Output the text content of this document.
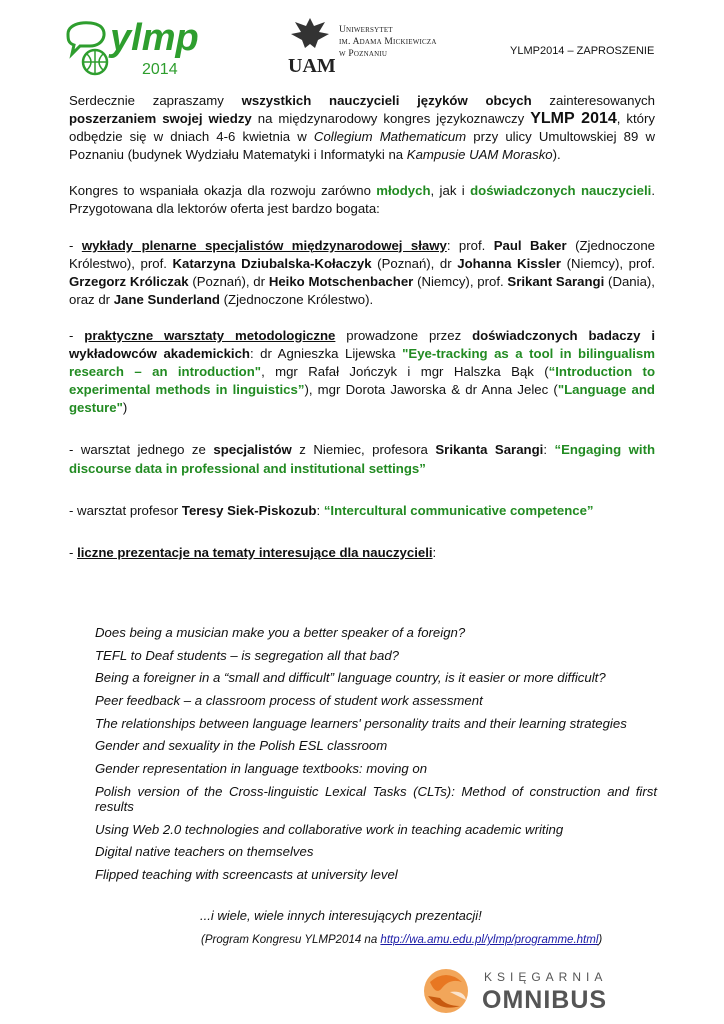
ylmp
2014	UAM
Uniwersytet
im. Adama Mickiewicza
w Poznaniu	YLMP2014 – ZAPROSZENIE

Serdecznie zapraszamy wszystkich nauczycieli języków obcych zainteresowanych poszerzaniem swojej wiedzy na międzynarodowy kongres językoznawczy YLMP 2014, który odbędzie się w dniach 4-6 kwietnia w Collegium Mathematicum przy ulicy Umultowskiej 89 w Poznaniu (budynek Wydziału Matematyki i Informatyki na Kampusie UAM Morasko).

Kongres to wspaniała okazja dla rozwoju zarówno młodych, jak i doświadczonych nauczycieli. Przygotowana dla lektorów oferta jest bardzo bogata:

- wykłady plenarne specjalistów międzynarodowej sławy: prof. Paul Baker (Zjednoczone Królestwo), prof. Katarzyna Dziubalska-Kołaczyk (Poznań), dr Johanna Kissler (Niemcy), prof. Grzegorz Króliczak (Poznań), dr Heiko Motschenbacher (Niemcy), prof. Srikant Sarangi (Dania), oraz dr Jane Sunderland (Zjednoczone Królestwo).

- praktyczne warsztaty metodologiczne prowadzone przez doświadczonych badaczy i wykładowców akademickich: dr Agnieszka Lijewska "Eye-tracking as a tool in bilingualism research – an introduction", mgr Rafał Jończyk i mgr Halszka Bąk (“Introduction to experimental methods in linguistics”), mgr Dorota Jaworska & dr Anna Jelec ("Language and gesture")

- warsztat jednego ze specjalistów z Niemiec, profesora Srikanta Sarangi: “Engaging with discourse data in professional and institutional settings”

- warsztat profesor Teresy Siek-Piskozub: “Intercultural communicative competence”

- liczne prezentacje na tematy interesujące dla nauczycieli:

Does being a musician make you a better speaker of a foreign?
TEFL to Deaf students – is segregation all that bad?
Being a foreigner in a “small and difficult” language country, is it easier or more difficult?
Peer feedback – a classroom process of student work assessment
The relationships between language learners' personality traits and their learning strategies
Gender and sexuality in the Polish ESL classroom
Gender representation in language textbooks: moving on
Polish version of the Cross-linguistic Lexical Tasks (CLTs): Method of construction and first results
Using Web 2.0 technologies and collaborative work in teaching academic writing
Digital native teachers on themselves
Flipped teaching with screencasts at university level
...i wiele, wiele innych interesujących prezentacji!
(Program Kongresu YLMP2014 na http://wa.amu.edu.pl/ylmp/programme.html)
KSIĘGARNIA
OMNIBUS
